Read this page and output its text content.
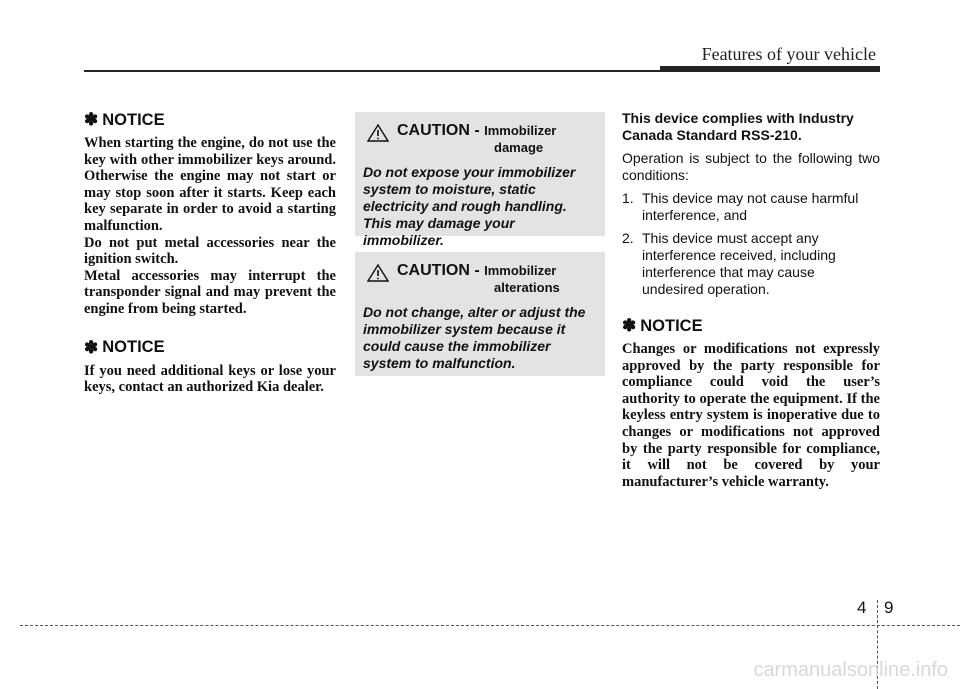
Features of your vehicle
✽ NOTICE

When starting the engine, do not use the key with other immobilizer keys around. Otherwise the engine may not start or may stop soon after it starts. Keep each key separate in order to avoid a starting malfunction.

Do not put metal accessories near the ignition switch.

Metal accessories may interrupt the transponder signal and may prevent the engine from being started.

✽ NOTICE

If you need additional keys or lose your keys, contact an authorized Kia dealer.

CAUTION - Immobilizer
damage

Do not expose your immobilizer system to moisture, static electricity and rough handling. This may damage your immobilizer.

CAUTION - Immobilizer
alterations

Do not change, alter or adjust the immobilizer system because it could cause the immobilizer system to malfunction.

This device complies with Industry Canada Standard RSS-210.

Operation is subject to the following two conditions:

1. This device may not cause harmful interference, and
2. This device must accept any interference received, including interference that may cause undesired operation.
✽ NOTICE

Changes or modifications not expressly approved by the party responsible for compliance could void the user’s authority to operate the equipment. If the keyless entry system is inoperative due to changes or modifications not approved by the party responsible for compliance, it will not be covered by your manufacturer’s vehicle warranty.

4 9
carmanualsonline.info
